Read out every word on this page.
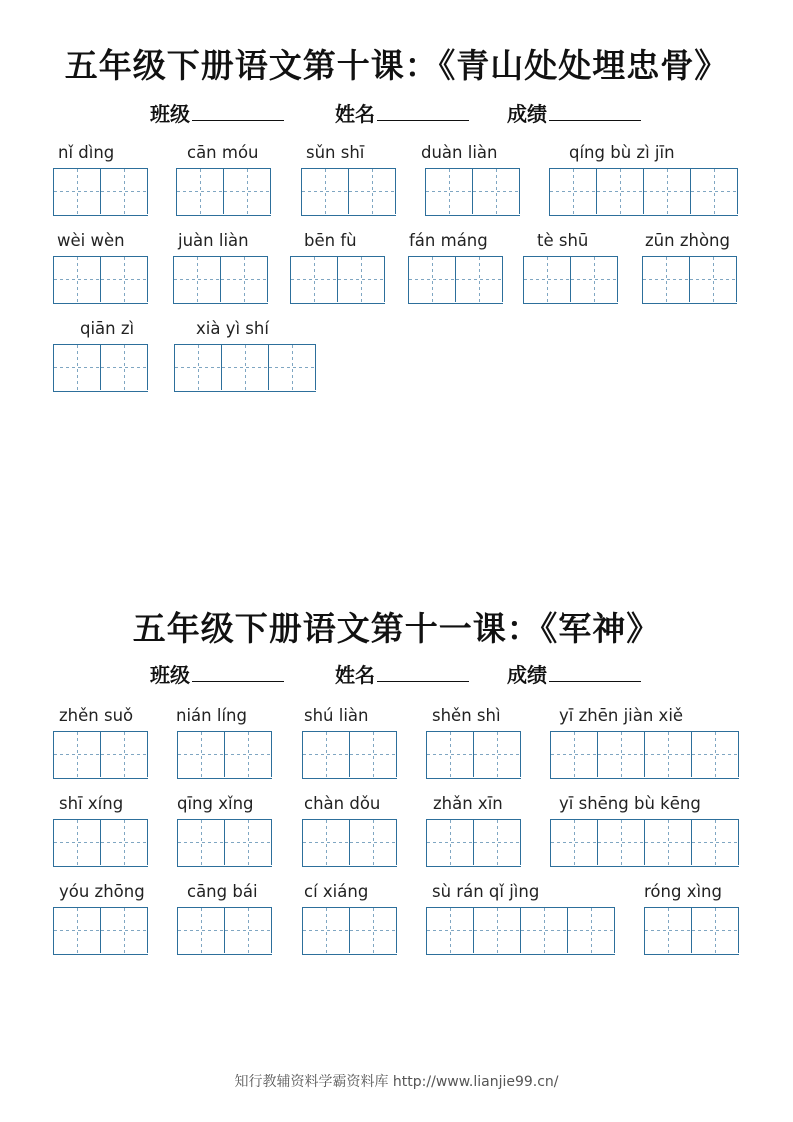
五年级下册语文第十课：《青山处处埋忠骨》
班级	姓名	成绩
nǐ dìng	cān móu	sǔn shī	duàn liàn	qíng bù zì jīn
wèi wèn	juàn liàn	bēn fù	fán máng	tè shū	zūn zhòng
qiān zì	xià yì shí
五年级下册语文第十一课：《军神》
班级	姓名	成绩
zhěn suǒ	nián líng	shú liàn	shěn shì	yī zhēn jiàn xiě
shī xíng	qīng xǐng	chàn dǒu	zhǎn xīn	yī shēng bù kēng
yóu zhōng	cāng bái	cí xiáng	sù rán qǐ jìng	róng xìng
知行教辅资料学霸资料库 http://www.lianjie99.cn/
